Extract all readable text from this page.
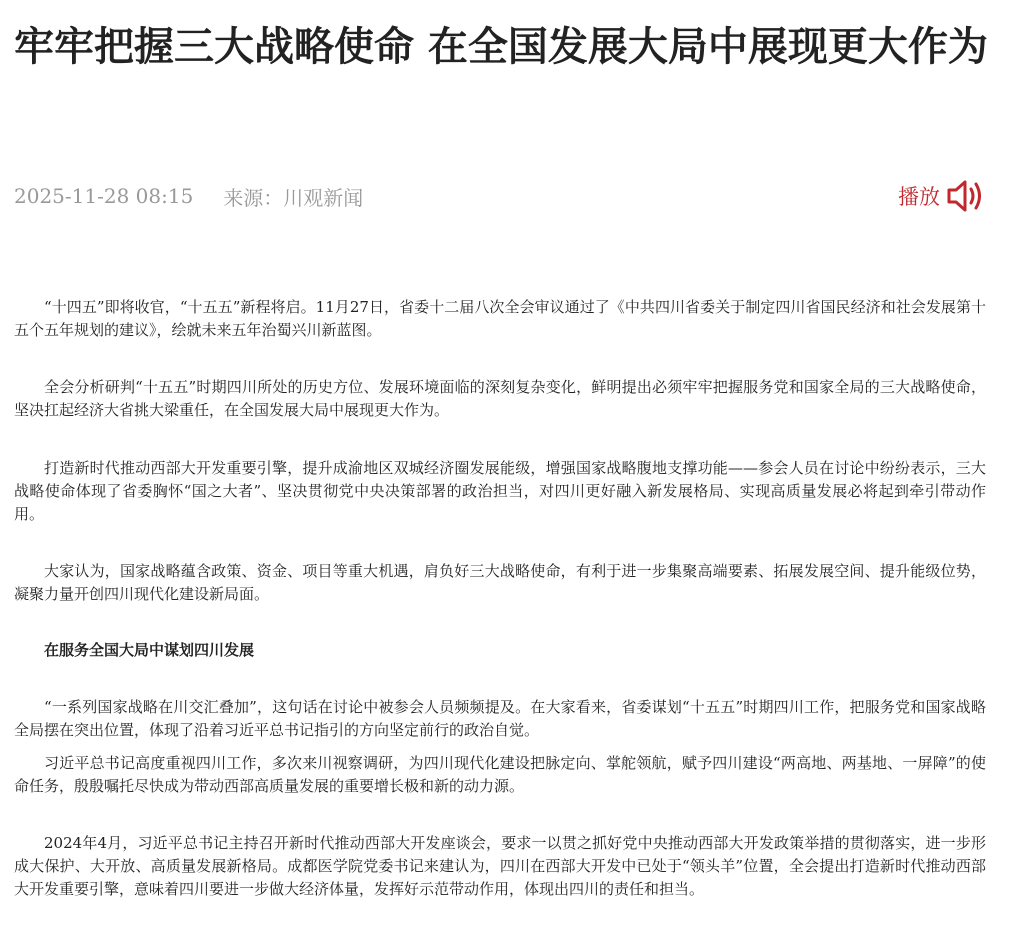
牢牢把握三大战略使命 在全国发展大局中展现更大作为
2025-11-28 08:15 来源：川观新闻	播放

“十四五”即将收官，“十五五”新程将启。11月27日，省委十二届八次全会审议通过了《中共四川省委关于制定四川省国民经济和社会发展第十五个五年规划的建议》，绘就未来五年治蜀兴川新蓝图。

全会分析研判“十五五”时期四川所处的历史方位、发展环境面临的深刻复杂变化，鲜明提出必须牢牢把握服务党和国家全局的三大战略使命，坚决扛起经济大省挑大梁重任，在全国发展大局中展现更大作为。

打造新时代推动西部大开发重要引擎，提升成渝地区双城经济圈发展能级，增强国家战略腹地支撑功能——参会人员在讨论中纷纷表示，三大战略使命体现了省委胸怀“国之大者”、坚决贯彻党中央决策部署的政治担当，对四川更好融入新发展格局、实现高质量发展必将起到牵引带动作用。

大家认为，国家战略蕴含政策、资金、项目等重大机遇，肩负好三大战略使命，有利于进一步集聚高端要素、拓展发展空间、提升能级位势，凝聚力量开创四川现代化建设新局面。

在服务全国大局中谋划四川发展

“一系列国家战略在川交汇叠加”，这句话在讨论中被参会人员频频提及。在大家看来，省委谋划“十五五”时期四川工作，把服务党和国家战略全局摆在突出位置，体现了沿着习近平总书记指引的方向坚定前行的政治自觉。

习近平总书记高度重视四川工作，多次来川视察调研，为四川现代化建设把脉定向、掌舵领航，赋予四川建设“两高地、两基地、一屏障”的使命任务，殷殷嘱托尽快成为带动西部高质量发展的重要增长极和新的动力源。

2024年4月，习近平总书记主持召开新时代推动西部大开发座谈会，要求一以贯之抓好党中央推动西部大开发政策举措的贯彻落实，进一步形成大保护、大开放、高质量发展新格局。成都医学院党委书记来建认为，四川在西部大开发中已处于“领头羊”位置，全会提出打造新时代推动西部大开发重要引擎，意味着四川要进一步做大经济体量，发挥好示范带动作用，体现出四川的责任和担当。
